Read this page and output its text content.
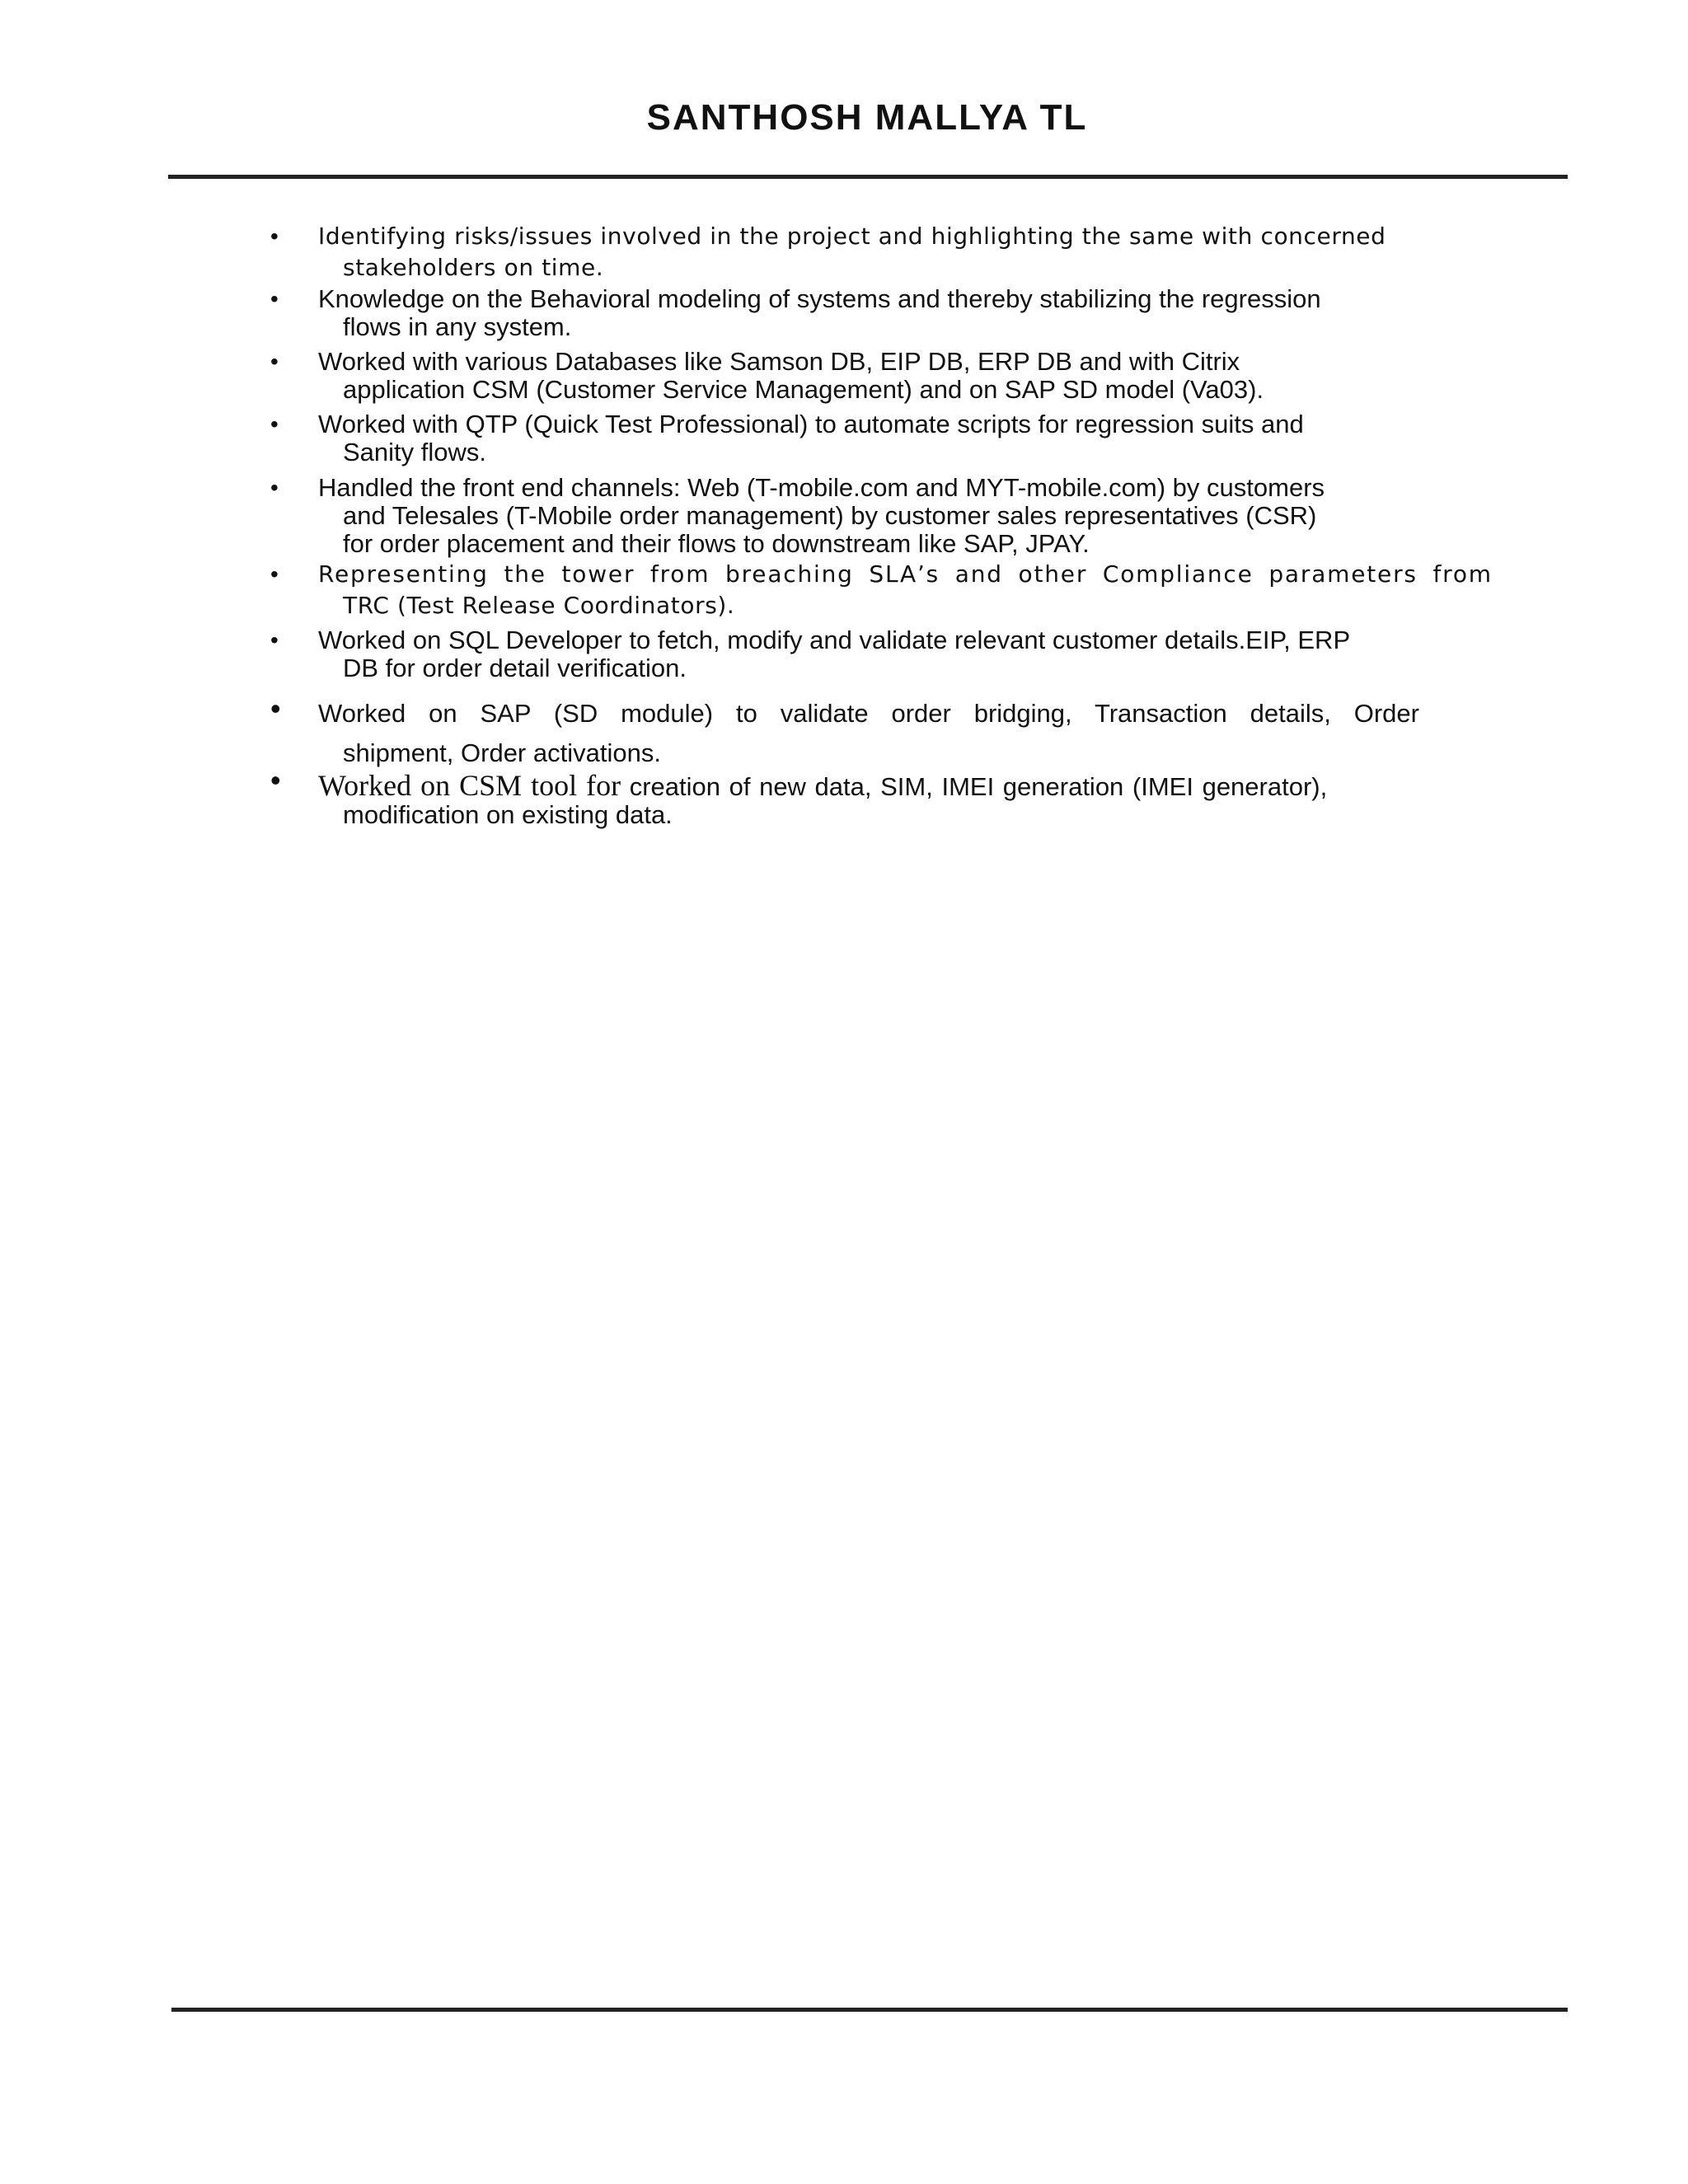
SANTHOSH MALLYA TL
• Identifying risks/issues involved in the project and highlighting the same with concerned
stakeholders on time.
• Knowledge on the Behavioral modeling of systems and thereby stabilizing the regression
flows in any system.
• Worked with various Databases like Samson DB, EIP DB, ERP DB and with Citrix
application CSM (Customer Service Management) and on SAP SD model (Va03).
• Worked with QTP (Quick Test Professional) to automate scripts for regression suits and
Sanity flows.
• Handled the front end channels: Web (T-mobile.com and MYT-mobile.com) by customers
and Telesales (T-Mobile order management) by customer sales representatives (CSR)
for order placement and their flows to downstream like SAP, JPAY.
• Representing the tower from breaching SLA’s and other Compliance parameters from
TRC (Test Release Coordinators).
• Worked on SQL Developer to fetch, modify and validate relevant customer details.EIP, ERP
DB for order detail verification.
• Worked on SAP (SD module) to validate order bridging, Transaction details, Order
shipment, Order activations.
• Worked on CSM tool for creation of new data, SIM, IMEI generation (IMEI generator),
modification on existing data.
